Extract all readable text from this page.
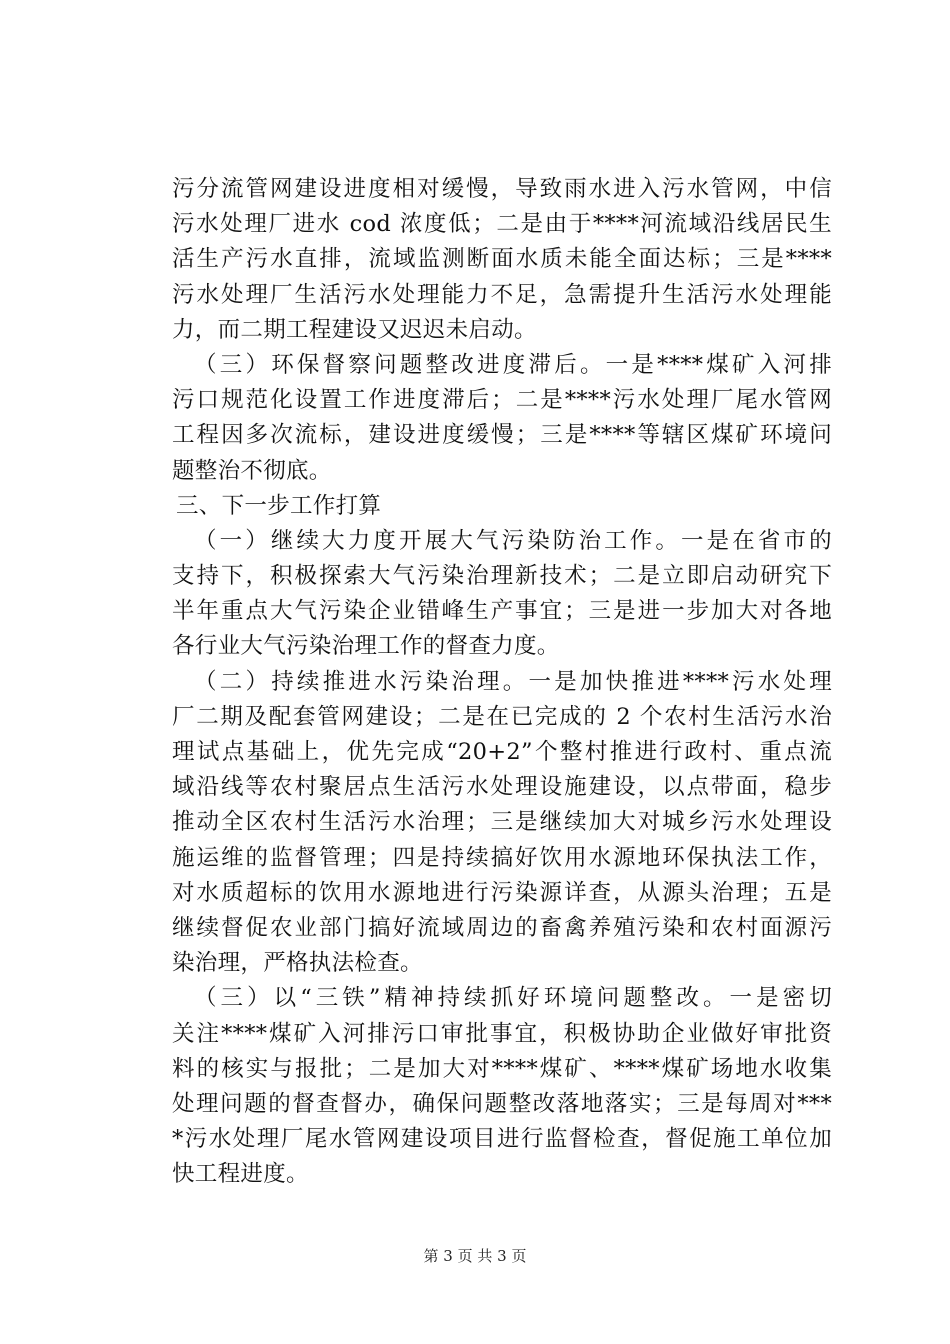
污分流管网建设进度相对缓慢，导致雨水进入污水管网，中信
污水处理厂进水 cod 浓度低；二是由于****河流域沿线居民生
活生产污水直排，流域监测断面水质未能全面达标；三是****
污水处理厂生活污水处理能力不足，急需提升生活污水处理能
力，而二期工程建设又迟迟未启动。
（三）环保督察问题整改进度滞后。一是****煤矿入河排
污口规范化设置工作进度滞后；二是****污水处理厂尾水管网
工程因多次流标，建设进度缓慢；三是****等辖区煤矿环境问
题整治不彻底。
三、下一步工作打算
（一）继续大力度开展大气污染防治工作。一是在省市的
支持下，积极探索大气污染治理新技术；二是立即启动研究下
半年重点大气污染企业错峰生产事宜；三是进一步加大对各地
各行业大气污染治理工作的督查力度。
（二）持续推进水污染治理。一是加快推进****污水处理
厂二期及配套管网建设；二是在已完成的 2 个农村生活污水治
理试点基础上，优先完成“20+2”个整村推进行政村、重点流
域沿线等农村聚居点生活污水处理设施建设，以点带面，稳步
推动全区农村生活污水治理；三是继续加大对城乡污水处理设
施运维的监督管理；四是持续搞好饮用水源地环保执法工作，
对水质超标的饮用水源地进行污染源详查，从源头治理；五是
继续督促农业部门搞好流域周边的畜禽养殖污染和农村面源污
染治理，严格执法检查。
（三）以“三铁”精神持续抓好环境问题整改。一是密切
关注****煤矿入河排污口审批事宜，积极协助企业做好审批资
料的核实与报批；二是加大对****煤矿、****煤矿场地水收集
处理问题的督查督办，确保问题整改落地落实；三是每周对***
*污水处理厂尾水管网建设项目进行监督检查，督促施工单位加
快工程进度。
第 3 页 共 3 页
